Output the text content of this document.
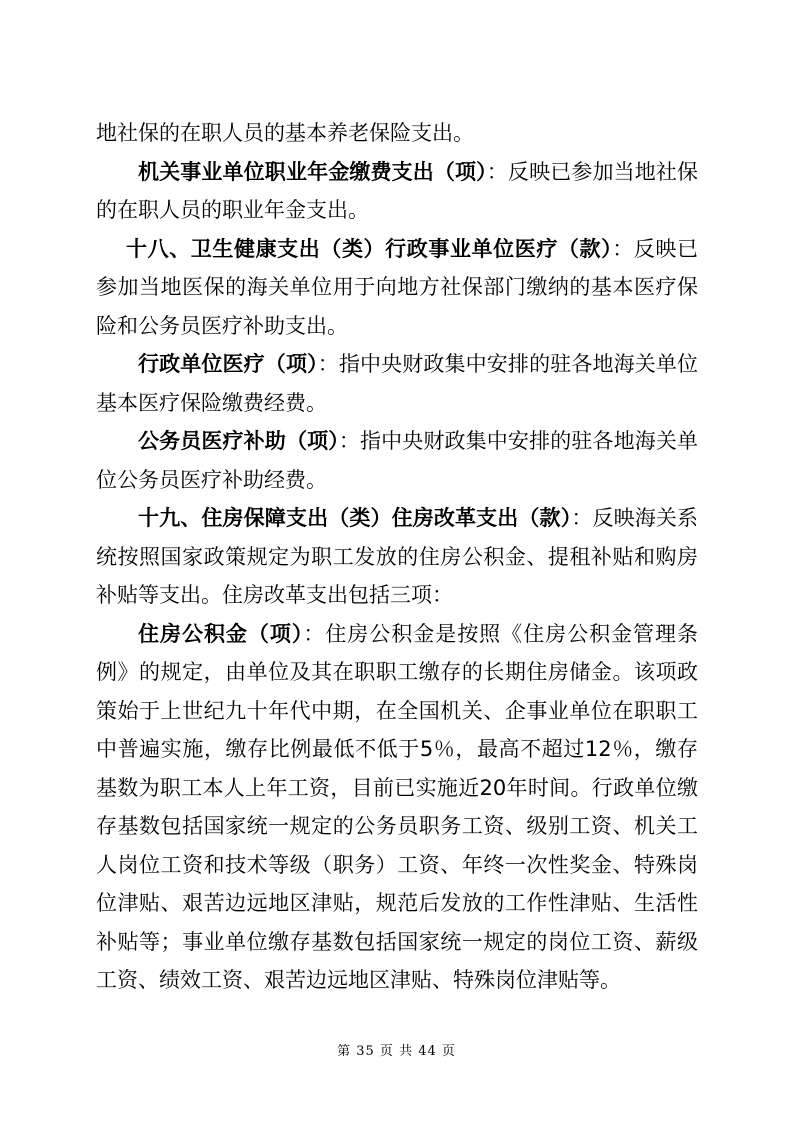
地社保的在职人员的基本养老保险支出。

机关事业单位职业年金缴费支出（项）：反映已参加当地社保的在职人员的职业年金支出。

十八、卫生健康支出（类）行政事业单位医疗（款）：反映已参加当地医保的海关单位用于向地方社保部门缴纳的基本医疗保险和公务员医疗补助支出。

行政单位医疗（项）：指中央财政集中安排的驻各地海关单位基本医疗保险缴费经费。

公务员医疗补助（项）：指中央财政集中安排的驻各地海关单位公务员医疗补助经费。

十九、住房保障支出（类）住房改革支出（款）：反映海关系统按照国家政策规定为职工发放的住房公积金、提租补贴和购房补贴等支出。住房改革支出包括三项：

住房公积金（项）：住房公积金是按照《住房公积金管理条例》的规定，由单位及其在职职工缴存的长期住房储金。该项政策始于上世纪九十年代中期，在全国机关、企事业单位在职职工中普遍实施，缴存比例最低不低于5％，最高不超过12％，缴存基数为职工本人上年工资，目前已实施近20年时间。行政单位缴存基数包括国家统一规定的公务员职务工资、级别工资、机关工人岗位工资和技术等级（职务）工资、年终一次性奖金、特殊岗位津贴、艰苦边远地区津贴，规范后发放的工作性津贴、生活性补贴等；事业单位缴存基数包括国家统一规定的岗位工资、薪级工资、绩效工资、艰苦边远地区津贴、特殊岗位津贴等。

第 35 页 共 44 页
